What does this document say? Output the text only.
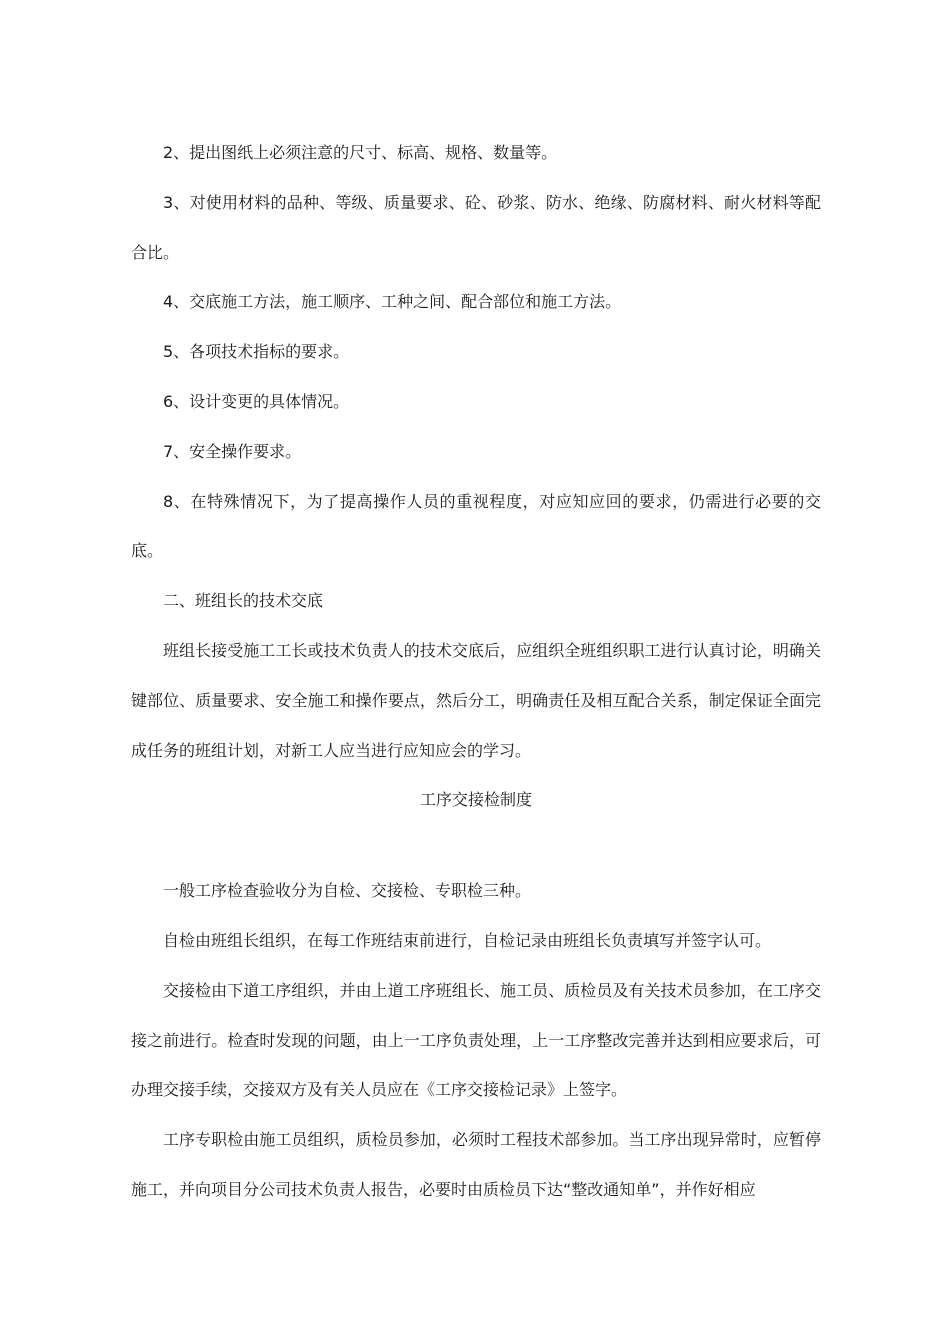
2、提出图纸上必须注意的尺寸、标高、规格、数量等。

3、对使用材料的品种、等级、质量要求、砼、砂浆、防水、绝缘、防腐材料、耐火材料等配合比。

4、交底施工方法，施工顺序、工种之间、配合部位和施工方法。

5、各项技术指标的要求。

6、设计变更的具体情况。

7、安全操作要求。

8、在特殊情况下，为了提高操作人员的重视程度，对应知应回的要求，仍需进行必要的交底。

二、班组长的技术交底

班组长接受施工工长或技术负责人的技术交底后，应组织全班组织职工进行认真讨论，明确关键部位、质量要求、安全施工和操作要点，然后分工，明确责任及相互配合关系，制定保证全面完成任务的班组计划，对新工人应当进行应知应会的学习。

工序交接检制度

一般工序检查验收分为自检、交接检、专职检三种。

自检由班组长组织，在每工作班结束前进行，自检记录由班组长负责填写并签字认可。

交接检由下道工序组织，并由上道工序班组长、施工员、质检员及有关技术员参加，在工序交接之前进行。检查时发现的问题，由上一工序负责处理，上一工序整改完善并达到相应要求后，可办理交接手续，交接双方及有关人员应在《工序交接检记录》上签字。

工序专职检由施工员组织，质检员参加，必须时工程技术部参加。当工序出现异常时，应暂停施工，并向项目分公司技术负责人报告，必要时由质检员下达“整改通知单”，并作好相应
